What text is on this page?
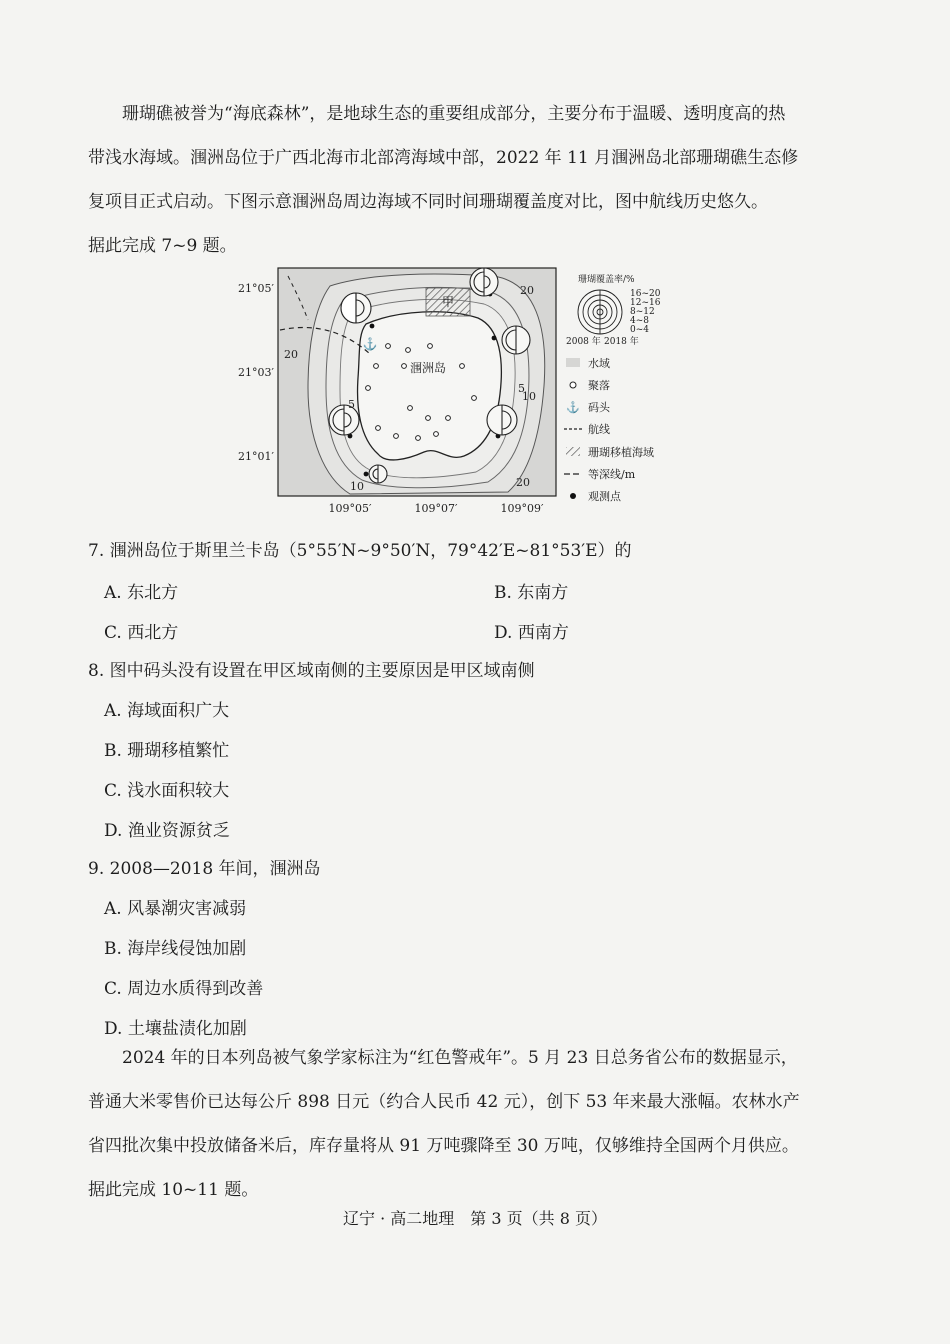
珊瑚礁被誉为“海底森林”，是地球生态的重要组成部分，主要分布于温暖、透明度高的热
带浅水海域。涠洲岛位于广西北海市北部湾海域中部，2022 年 11 月涠洲岛北部珊瑚礁生态修
复项目正式启动。下图示意涠洲岛周边海域不同时间珊瑚覆盖度对比，图中航线历史悠久。
据此完成 7~9 题。
甲
涠洲岛
⚓
20
20
5
10
5
10	20
21°05′
21°03′
21°01′
109°05′	109°07′	109°09′
珊瑚覆盖率/%
16~20
12~16
8~12
4~8
0~4
2008 年 2018 年
水域
聚落
⚓ 码头
航线
珊瑚移植海域
等深线/m
观测点

7. 涠洲岛位于斯里兰卡岛（5°55′N~9°50′N，79°42′E~81°53′E）的

A. 东北方	B. 东南方
C. 西北方	D. 西南方

8. 图中码头没有设置在甲区域南侧的主要原因是甲区域南侧

A. 海域面积广大
B. 珊瑚移植繁忙
C. 浅水面积较大
D. 渔业资源贫乏

9. 2008—2018 年间，涠洲岛

A. 风暴潮灾害减弱
B. 海岸线侵蚀加剧
C. 周边水质得到改善
D. 土壤盐渍化加剧
2024 年的日本列岛被气象学家标注为“红色警戒年”。5 月 23 日总务省公布的数据显示，
普通大米零售价已达每公斤 898 日元（约合人民币 42 元），创下 53 年来最大涨幅。农林水产
省四批次集中投放储备米后，库存量将从 91 万吨骤降至 30 万吨，仅够维持全国两个月供应。
据此完成 10~11 题。
辽宁 · 高二地理　第 3 页（共 8 页）
